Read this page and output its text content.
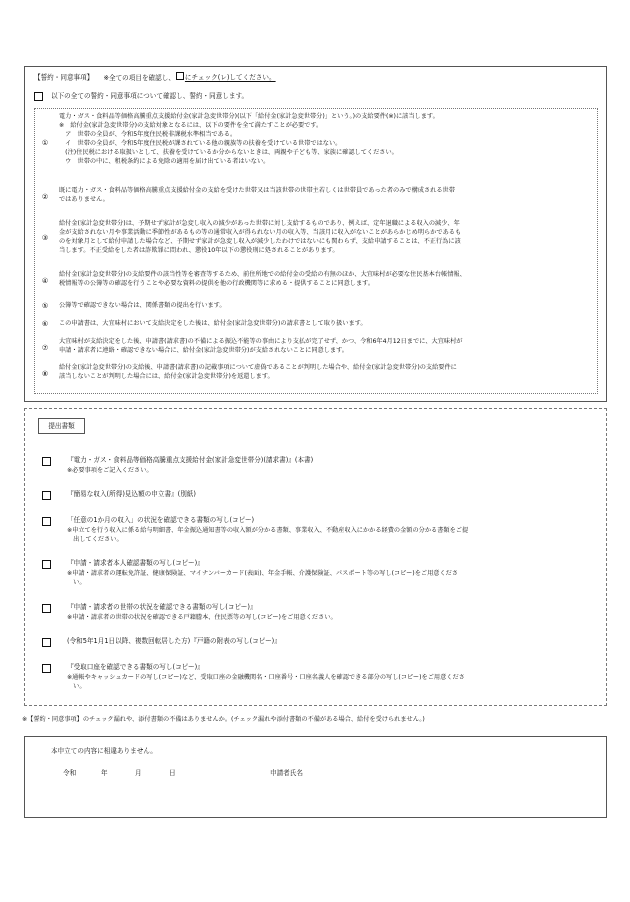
【誓約・同意事項】 ※全ての項目を確認し、 にチェック(レ)してください。
以下の全ての誓約・同意事項について確認し、誓約・同意します。
①
電力・ガス・食料品等価格高騰重点支援給付金(家計急変世帯分)(以下「給付金(家計急変世帯分)」という。)の支給要件(※)に該当します。
※　給付金(家計急変世帯分)の支給対象となるには、以下の要件を全て満たすことが必要です。
　ア　世帯の全員が、令和5年度住民税非課税水準相当である。
　イ　世帯の全員が、令和5年度住民税が課されている他の親族等の扶養を受けている世帯ではない。
　(注)住民税における取扱いとして、扶養を受けているか分からないときは、両親や子ども等、家族に確認してください。
　ウ　世帯の中に、租税条約による免除の適用を届け出ている者はいない。
②
既に電力・ガス・食料品等価格高騰重点支援給付金の支給を受けた世帯又は当該世帯の世帯主若しくは世帯員であった者のみで構成される世帯
ではありません。
③
給付金(家計急変世帯分)は、予期せず家計が急変し収入の減少があった世帯に対し支給するものであり、例えば、定年退職による収入の減少、年
金が支給されない月や事業活動に季節性があるもの等の通常収入が得られない月の収入等、当該月に収入がないことがあらかじめ明らかであるも
のを対象月として給付申請した場合など、予期せず家計が急変し収入が減少したわけではないにも関わらず、支給申請することは、不正行為に該
当します。不正受給をした者は詐欺罪に問われ、懲役10年以下の懲役刑に処されることがあります。
④
給付金(家計急変世帯分)の支給要件の該当性等を審査等するため、前住所地での給付金の受給の有無のほか、大宜味村が必要な住民基本台帳情報、
税情報等の公簿等の確認を行うことや必要な資料の提供を他の行政機関等に求める・提供することに同意します。
⑤	公簿等で確認できない場合は、関係書類の提出を行います。
⑥	この申請書は、大宜味村において支給決定をした後は、給付金(家計急変世帯分)の請求書として取り扱います。
⑦
大宜味村が支給決定をした後、申請書(請求書)の不備による振込不能等の事由により支払が完了せず、かつ、令和6年4月12日までに、大宜味村が
申請・請求者に連絡・確認できない場合に、給付金(家計急変世帯分)が支給されないことに同意します。
⑧
給付金(家計急変世帯分)の支給後、申請書(請求書)の記載事項について虚偽であることが判明した場合や、給付金(家計急変世帯分)の支給要件に
該当しないことが判明した場合には、給付金(家計急変世帯分)を返還します。
提出書類
『電力・ガス・食料品等価格高騰重点支援給付金(家計急変世帯分)(請求書)』(本書)
※必要事項をご記入ください。
『簡易な収入(所得)見込額の申立書』(別紙)
「任意の1か月の収入」の状況を確認できる書類の写し(コピー)
※申立てを行う収入に係る給与明細書、年金振込通知書等の収入額が分かる書類、事業収入、不動産収入にかかる経費の金額の分かる書類をご提
　出してください。
『申請・請求者本人確認書類の写し(コピー)』
※申請・請求者の運転免許証、健康保険証、マイナンバーカード(表面)、年金手帳、介護保険証、パスポート等の写し(コピー)をご用意くださ
　い。
『申請・請求者の世帯の状況を確認できる書類の写し(コピー)』
※申請・請求者の世帯の状況を確認できる戸籍謄本、住民票等の写し(コピー)をご用意ください。
(令和5年1月1日以降、複数回転居した方)『戸籍の附表の写し(コピー)』
『受取口座を確認できる書類の写し(コピー)』
※通帳やキャッシュカードの写し(コピー)など、受取口座の金融機関名・口座番号・口座名義人を確認できる部分の写し(コピー)をご用意くださ
　い。
※【誓約・同意事項】のチェック漏れや、添付書類の不備はありませんか。(チェック漏れや添付書類の不備がある場合、給付を受けられません。)
本申立ての内容に相違ありません。
令和	年	月	日	申請者氏名
